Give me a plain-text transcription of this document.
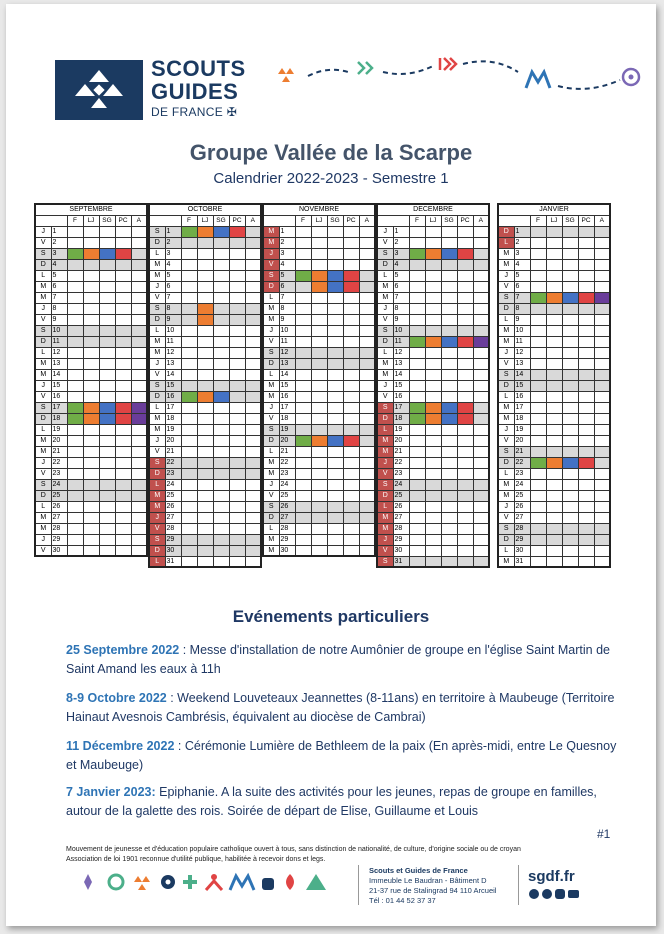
SCOUTS
GUIDES
DE FRANCE ✠
Groupe Vallée de la Scarpe
Calendrier 2022-2023 - Semestre 1
SEPTEMBRE						
		F	LJ	SG	PC	A
J	1					
V	2					
S	3					
D	4					
L	5					
M	6					
M	7					
J	8					
V	9					
S	10					
D	11					
L	12					
M	13					
M	14					
J	15					
V	16					
S	17					
D	18					
L	19					
M	20					
M	21					
J	22					
V	23					
S	24					
D	25					
L	26					
M	27					
M	28					
J	29					
V	30					
OCTOBRE						
		F	LJ	SG	PC	A
S	1					
D	2					
L	3					
M	4					
M	5					
J	6					
V	7					
S	8					
D	9					
L	10					
M	11					
M	12					
J	13					
V	14					
S	15					
D	16					
L	17					
M	18					
M	19					
J	20					
V	21					
S	22					
D	23					
L	24					
M	25					
M	26					
J	27					
V	28					
S	29					
D	30					
L	31					
NOVEMBRE						
		F	LJ	SG	PC	A
M	1					
M	2					
J	3					
V	4					
S	5					
D	6					
L	7					
M	8					
M	9					
J	10					
V	11					
S	12					
D	13					
L	14					
M	15					
M	16					
J	17					
V	18					
S	19					
D	20					
L	21					
M	22					
M	23					
J	24					
V	25					
S	26					
D	27					
L	28					
M	29					
M	30					
DECEMBRE						
		F	LJ	SG	PC	A
J	1					
V	2					
S	3					
D	4					
L	5					
M	6					
M	7					
J	8					
V	9					
S	10					
D	11					
L	12					
M	13					
M	14					
J	15					
V	16					
S	17					
D	18					
L	19					
M	20					
M	21					
J	22					
V	23					
S	24					
D	25					
L	26					
M	27					
M	28					
J	29					
V	30					
S	31					
JANVIER						
		F	LJ	SG	PC	A
D	1					
L	2					
M	3					
M	4					
J	5					
V	6					
S	7					
D	8					
L	9					
M	10					
M	11					
J	12					
V	13					
S	14					
D	15					
L	16					
M	17					
M	18					
J	19					
V	20					
S	21					
D	22					
L	23					
M	24					
M	25					
J	26					
V	27					
S	28					
D	29					
L	30					
M	31					
Evénements particuliers
25 Septembre 2022 : Messe d'installation de notre Aumônier de groupe en l'église Saint Martin de Saint Amand les eaux à 11h
8-9 Octobre 2022 : Weekend Louveteaux Jeannettes (8-11ans) en territoire à Maubeuge (Territoire Hainaut Avesnois Cambrésis, équivalent au diocèse de Cambrai)
11 Décembre 2022 : Cérémonie Lumière de Bethleem de la paix (En après-midi, entre Le Quesnoy et Maubeuge)
7 Janvier 2023: Epiphanie. A la suite des activités pour les jeunes, repas de groupe en familles, autour de la galette des rois. Soirée de départ de Elise, Guillaume et Louis
#1
Mouvement de jeunesse et d'éducation populaire catholique ouvert à tous, sans distinction de nationalité, de culture, d'origine sociale ou de croyan
Association de loi 1901 reconnue d'utilité publique, habilitée à recevoir dons et legs.
Scouts et Guides de France
Immeuble Le Baudran - Bâtiment D
21-37 rue de Stalingrad 94 110 Arcueil
Tél : 01 44 52 37 37
sgdf.fr
